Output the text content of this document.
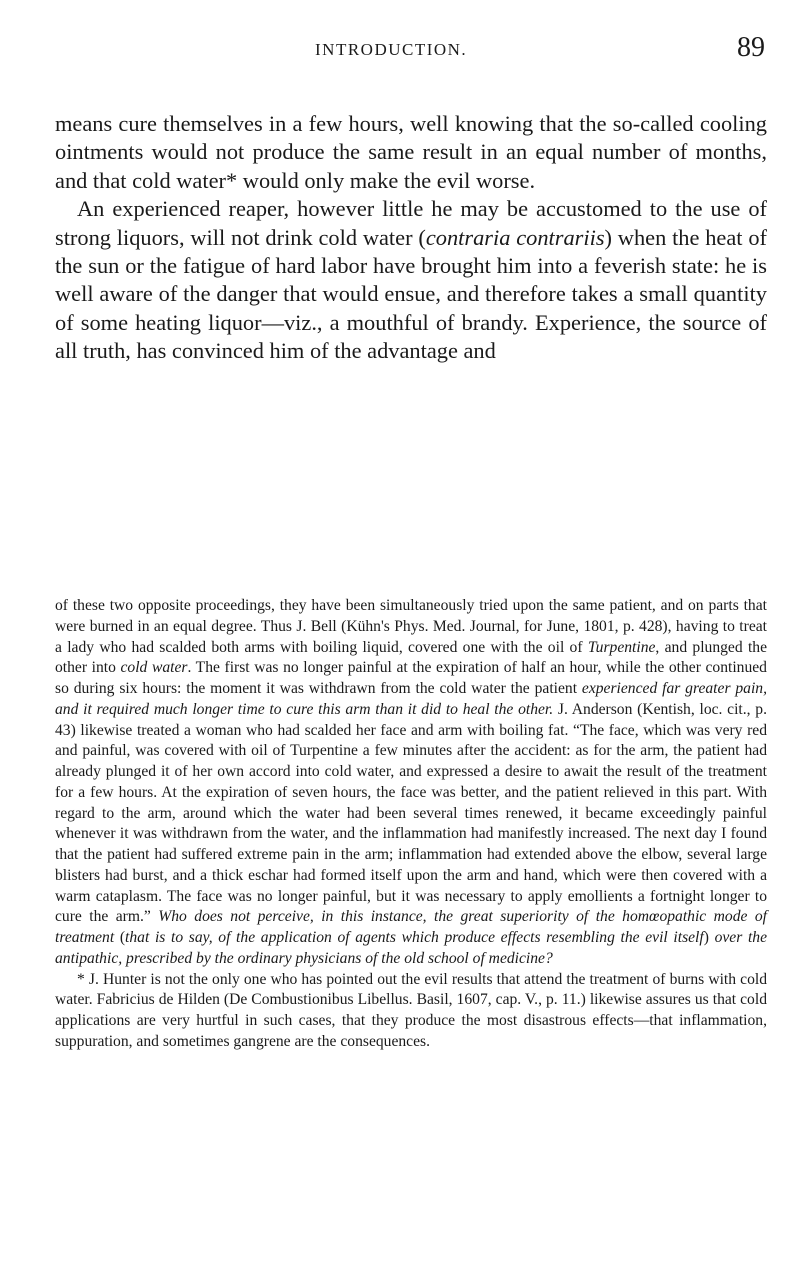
INTRODUCTION.	89

means cure themselves in a few hours, well knowing that the so-called cooling ointments would not produce the same result in an equal number of months, and that cold water* would only make the evil worse.

An experienced reaper, however little he may be accustomed to the use of strong liquors, will not drink cold water (contraria contrariis) when the heat of the sun or the fatigue of hard labor have brought him into a feverish state: he is well aware of the danger that would ensue, and therefore takes a small quantity of some heating liquor—viz., a mouthful of brandy. Experience, the source of all truth, has convinced him of the advantage and

of these two opposite proceedings, they have been simultaneously tried upon the same patient, and on parts that were burned in an equal degree. Thus J. Bell (Kühn's Phys. Med. Journal, for June, 1801, p. 428), having to treat a lady who had scalded both arms with boiling liquid, covered one with the oil of Turpentine, and plunged the other into cold water. The first was no longer painful at the expiration of half an hour, while the other continued so during six hours: the moment it was withdrawn from the cold water the patient experienced far greater pain, and it required much longer time to cure this arm than it did to heal the other. J. Anderson (Kentish, loc. cit., p. 43) likewise treated a woman who had scalded her face and arm with boiling fat. “The face, which was very red and painful, was covered with oil of Turpentine a few minutes after the accident: as for the arm, the patient had already plunged it of her own accord into cold water, and expressed a desire to await the result of the treatment for a few hours. At the expiration of seven hours, the face was better, and the patient relieved in this part. With regard to the arm, around which the water had been several times renewed, it became exceedingly painful whenever it was withdrawn from the water, and the inflammation had manifestly increased. The next day I found that the patient had suffered extreme pain in the arm; inflammation had extended above the elbow, several large blisters had burst, and a thick eschar had formed itself upon the arm and hand, which were then covered with a warm cataplasm. The face was no longer painful, but it was necessary to apply emollients a fortnight longer to cure the arm.” Who does not perceive, in this instance, the great superiority of the homœopathic mode of treatment (that is to say, of the application of agents which produce effects resembling the evil itself) over the antipathic, prescribed by the ordinary physicians of the old school of medicine?

* J. Hunter is not the only one who has pointed out the evil results that attend the treatment of burns with cold water. Fabricius de Hilden (De Combustionibus Libellus. Basil, 1607, cap. V., p. 11.) likewise assures us that cold applications are very hurtful in such cases, that they produce the most disastrous effects—that inflammation, suppuration, and sometimes gangrene are the consequences.
